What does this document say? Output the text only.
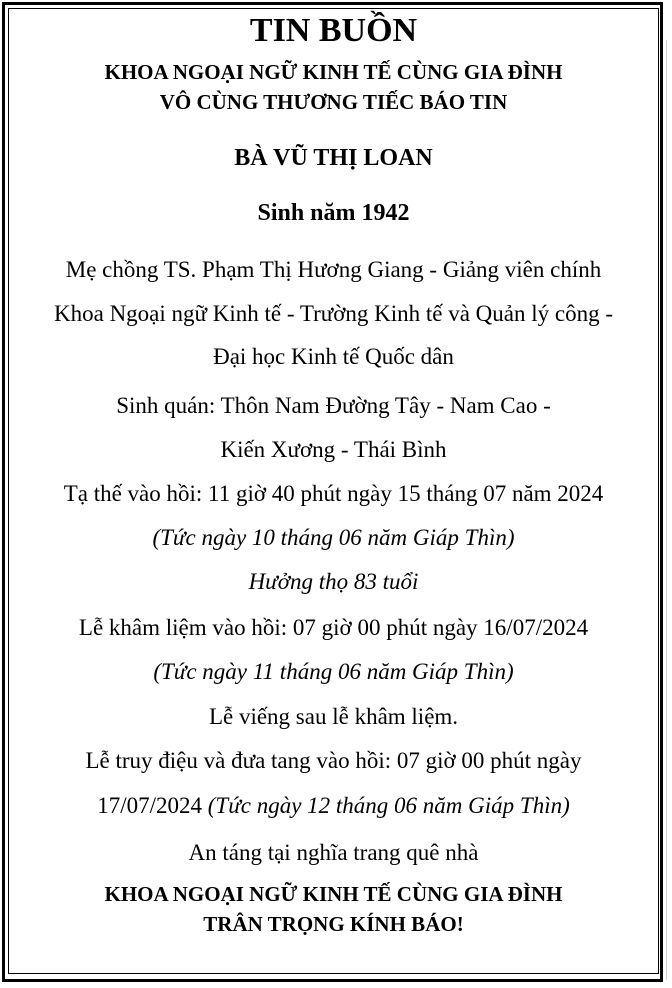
TIN BUỒN
KHOA NGOẠI NGỮ KINH TẾ CÙNG GIA ĐÌNH
VÔ CÙNG THƯƠNG TIẾC BÁO TIN
BÀ VŨ THỊ LOAN
Sinh năm 1942
Mẹ chồng TS. Phạm Thị Hương Giang - Giảng viên chính
Khoa Ngoại ngữ Kinh tế - Trường Kinh tế và Quản lý công -
Đại học Kinh tế Quốc dân
Sinh quán: Thôn Nam Đường Tây - Nam Cao -
Kiến Xương - Thái Bình
Tạ thế vào hồi: 11 giờ 40 phút ngày 15 tháng 07 năm 2024
(Tức ngày 10 tháng 06 năm Giáp Thìn)
Hưởng thọ 83 tuổi
Lễ khâm liệm vào hồi: 07 giờ 00 phút ngày 16/07/2024
(Tức ngày 11 tháng 06 năm Giáp Thìn)
Lễ viếng sau lễ khâm liệm.
Lễ truy điệu và đưa tang vào hồi: 07 giờ 00 phút ngày
17/07/2024 (Tức ngày 12 tháng 06 năm Giáp Thìn)
An táng tại nghĩa trang quê nhà
KHOA NGOẠI NGỮ KINH TẾ CÙNG GIA ĐÌNH
TRÂN TRỌNG KÍNH BÁO!
